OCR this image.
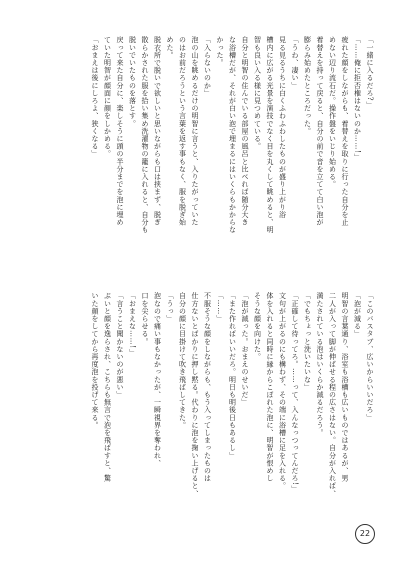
「一緒に入るだろ?」

「……俺に拒否権はないのか……!」

疲れた顔をしながらも、着替えを取りに行った自分を止

めない辺り流石だ。操作盤をいじり始める。

着替えを持って戻ると、自分の前で音を立てて白い泡が

膨らみ始めたところだった。

「うわ、凄い」

見る見るうちに白くふわふわしたものが盛り上がり浴

槽内に広がる光景を演技でなく目を丸くして眺めると、明

智も良い入る様に見つめている。

自分と明智の住んでいる部屋の風呂と比べれば随分大き

な浴槽だが、それが白い泡で埋まるにはいくらもかからな

かった。

「入らないのか」

泡の山を眺めるだけの明智に言うと、入りたがっていた

のはお前だろうという言葉を返す事もなく、服を脱ぎ始

めた。

脱衣所で脱いで欲しいと思いながらも口は挟まず、脱ぎ

散らかされた服を拾い集め洗濯物の籠に入れると、自分も

脱いでいたものを落とす。

戻って来た自分に、楽しそうに頭の半分までを泡に埋め

ていた明智が顔面に顔をしかめる。

「おまえは後にしろよ、狭くなる」

「このバスタブ、広いからいいだろ」

「泡が減る」

明智の言葉通り、浴室も浴槽も広いものではあるが、男

二人が入って脚が伸ばせる程の広さはない。自分が入れば、

満たされている泡はいくらか減るだろう。

「でもちょっと洗いたいな」

「正確して待ってろ。……って、入んなっつってんだろ!」

文句が上がるのにも構わず、その端に浴槽に足を入れる。

体を入れると同時に縁からこぼれた泡に、明智が恨めし

そうな顔を向けた。

「泡が減った。おまえのせいだ」

「また作ればいいだろ。明日も明後日もあるし」

「……」

不服そうな顔をしながらも、もう入ってしまったものは

仕方ないとばかりに押し黙る。代わりに泡を掬い上げると、

自分の顔に目掛けて吹き飛ばしてきた。

「うっ」

泡なので痛い事もなかったが、一瞬視界を奪われ、

口を尖らせる。

「おまえな……!」

「言うこと聞かないのが悪い」

ぷいと顔を逸らされ、こちらも無言で泡を飛ばすと、驚

いた顔をしてから再度泡を投げて来る。

22
